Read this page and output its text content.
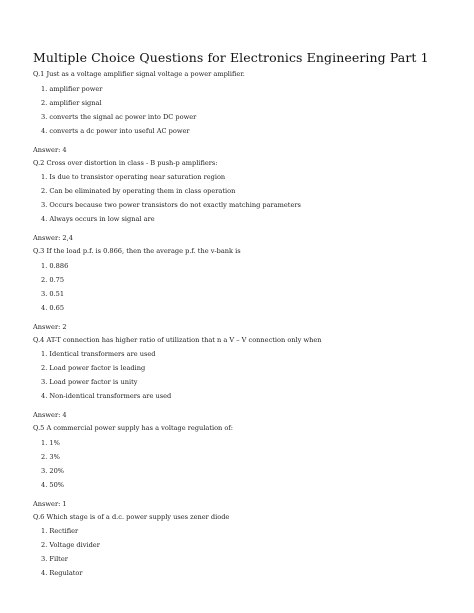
Multiple Choice Questions for Electronics Engineering Part 1
Q.1 Just as a voltage amplifier signal voltage a power amplifier.
1. amplifier power
2. amplifier signal
3. converts the signal ac power into DC power
4. converts a dc power into useful AC power
Answer: 4
Q.2 Cross over distortion in class - B push-p amplifiers:
1. Is due to transistor operating near saturation region
2. Can be eliminated by operating them in class operation
3. Occurs because two power transistors do not exactly matching parameters
4. Always occurs in low signal are
Answer: 2,4
Q.3 If the load p.f. is 0.866, then the average p.f. the v-bank is
1. 0.886
2. 0.75
3. 0.51
4. 0.65
Answer: 2
Q.4 AT-T connection has higher ratio of utilization that n a V – V connection only when
1. Identical transformers are used
2. Load power factor is leading
3. Load power factor is unity
4. Non-identical transformers are used
Answer: 4
Q.5 A commercial power supply has a voltage regulation of:
1. 1%
2. 3%
3. 20%
4. 50%
Answer: 1
Q.6 Which stage is of a d.c. power supply uses zener diode
1. Rectifier
2. Voltage divider
3. Filter
4. Regulator
